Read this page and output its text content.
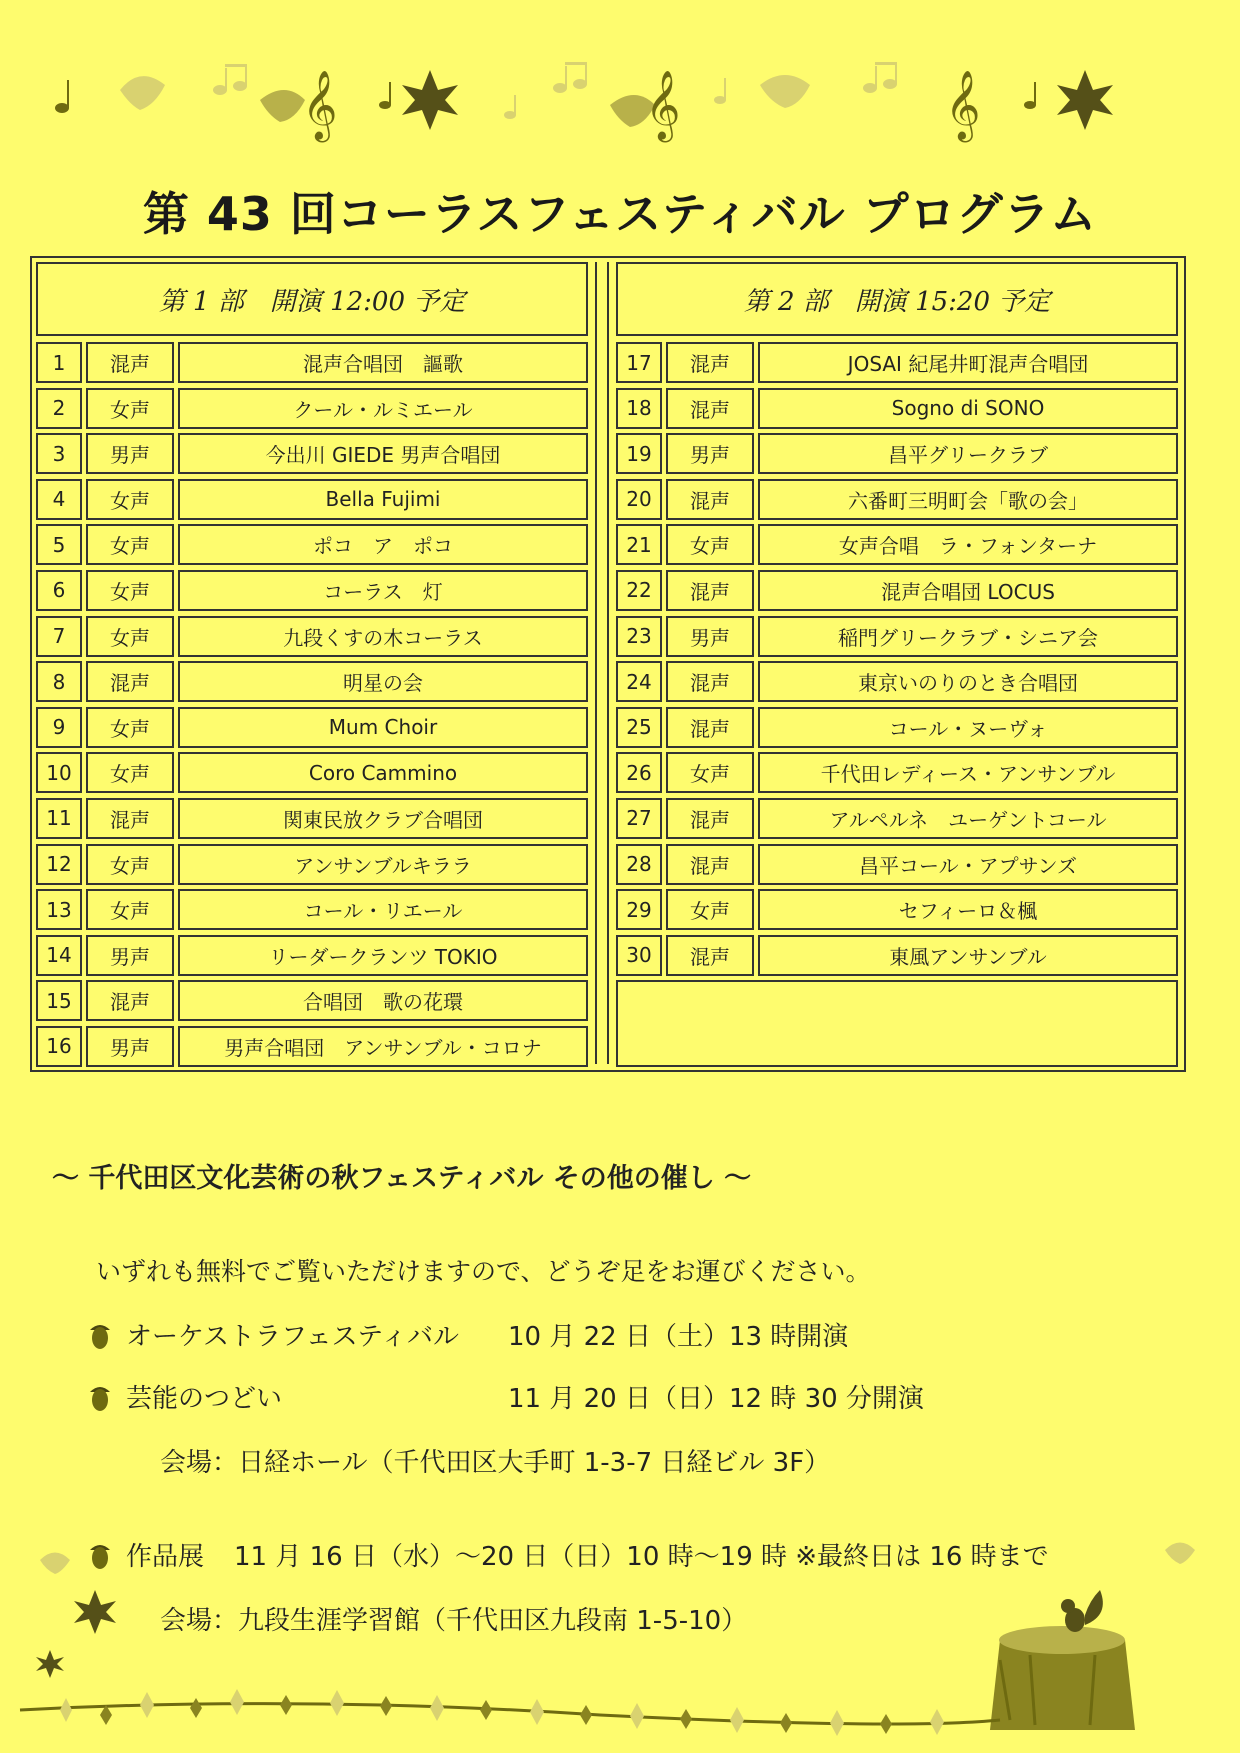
𝄞	𝄞	𝄞
第 43 回コーラスフェスティバル プログラム
第 1 部　開演 12:00 予定
1	混声	混声合唱団　謳歌
2	女声	クール・ルミエール
3	男声	今出川 GIEDE 男声合唱団
4	女声	Bella Fujimi
5	女声	ポコ　ア　ポコ
6	女声	コーラス　灯
7	女声	九段くすの木コーラス
8	混声	明星の会
9	女声	Mum Choir
10	女声	Coro Cammino
11	混声	関東民放クラブ合唱団
12	女声	アンサンブルキララ
13	女声	コール・リエール
14	男声	リーダークランツ TOKIO
15	混声	合唱団　歌の花環
16	男声	男声合唱団　アンサンブル・コロナ
第 2 部　開演 15:20 予定
17	混声	JOSAI 紀尾井町混声合唱団
18	混声	Sogno di SONO
19	男声	昌平グリークラブ
20	混声	六番町三明町会「歌の会」
21	女声	女声合唱　ラ・フォンターナ
22	混声	混声合唱団 LOCUS
23	男声	稲門グリークラブ・シニア会
24	混声	東京いのりのとき合唱団
25	混声	コール・ヌーヴォ
26	女声	千代田レディース・アンサンブル
27	混声	アルペルネ　ユーゲントコール
28	混声	昌平コール・アプサンズ
29	女声	セフィーロ＆楓
30	混声	東風アンサンブル
～ 千代田区文化芸術の秋フェスティバル その他の催し ～
いずれも無料でご覧いただけますので、どうぞ足をお運びください。
オーケストラフェスティバル	10 月 22 日（土）13 時開演
芸能のつどい	11 月 20 日（日）12 時 30 分開演
会場：日経ホール（千代田区大手町 1-3-7 日経ビル 3F）
作品展	11 月 16 日（水）～20 日（日）10 時～19 時 ※最終日は 16 時まで
会場：九段生涯学習館（千代田区九段南 1-5-10）
